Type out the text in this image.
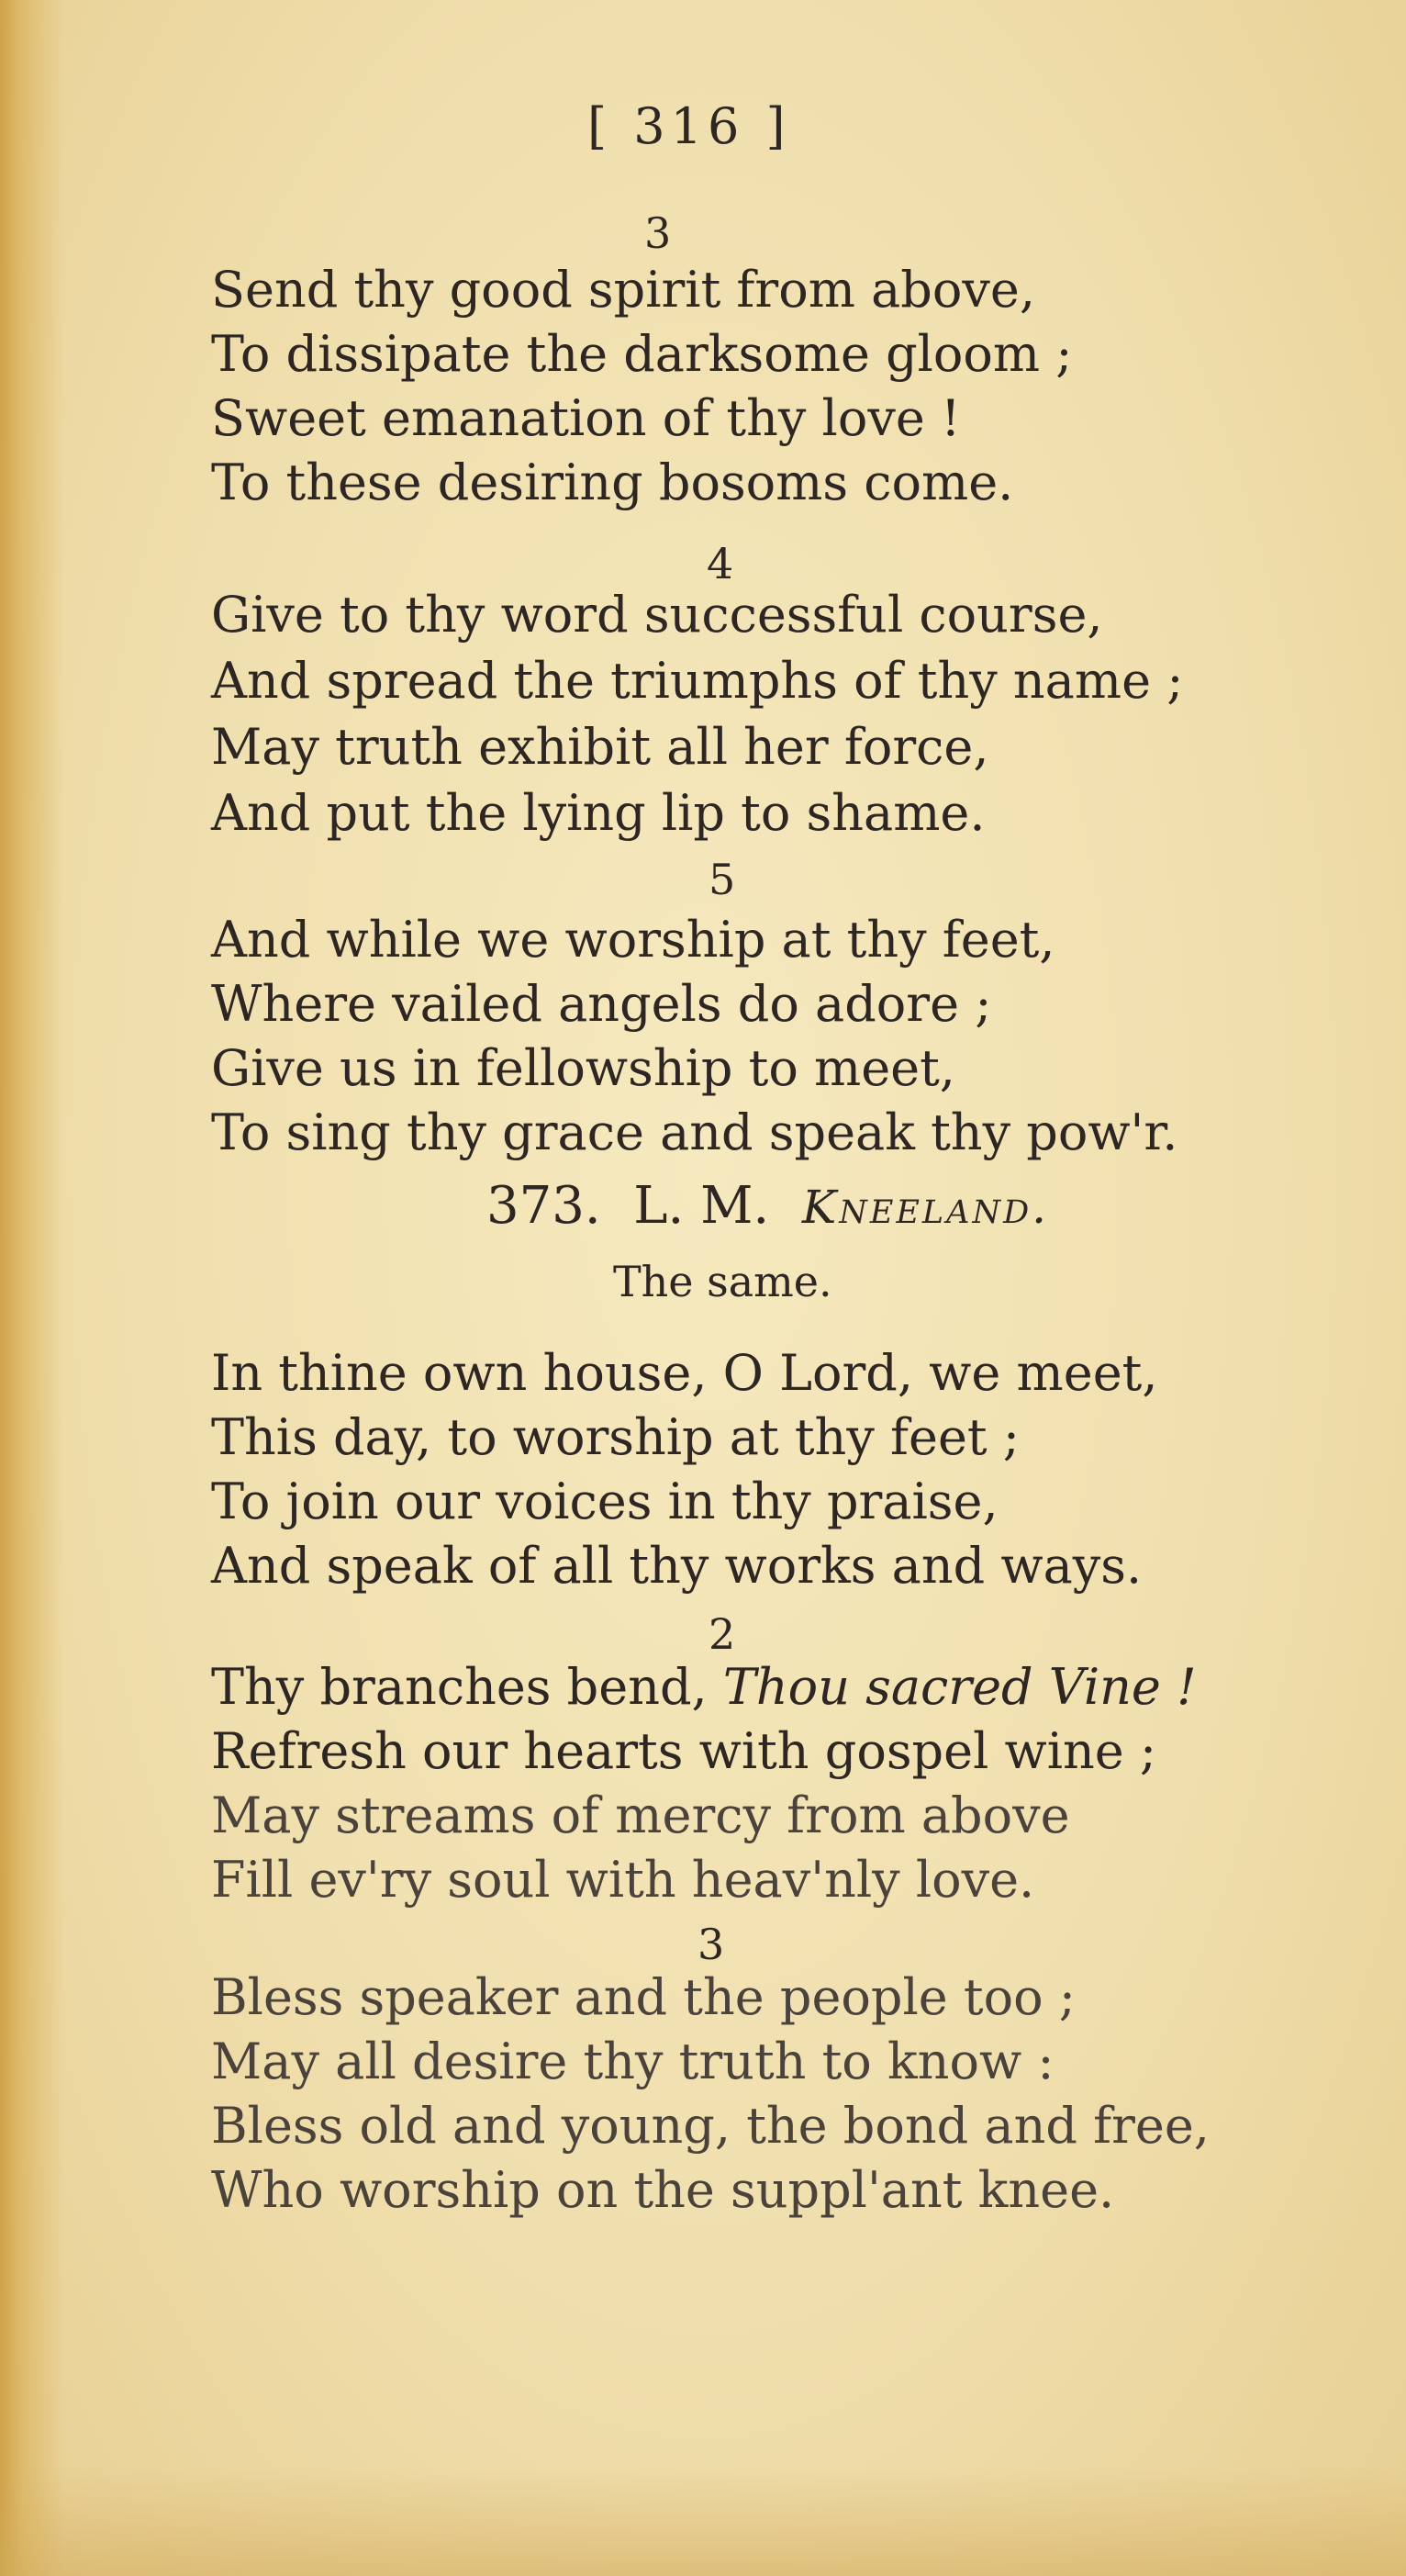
[ 316 ]
3
Send thy good spirit from above,
To dissipate the darksome gloom ;
Sweet emanation of thy love !
To these desiring bosoms come.
4
Give to thy word successful course,
And spread the triumphs of thy name ;
May truth exhibit all her force,
And put the lying lip to shame.
5
And while we worship at thy feet,
Where vailed angels do adore ;
Give us in fellowship to meet,
To sing thy grace and speak thy pow'r.
373. L. M. Kneeland.
The same.
In thine own house, O Lord, we meet,
This day, to worship at thy feet ;
To join our voices in thy praise,
And speak of all thy works and ways.
2
Thy branches bend, Thou sacred Vine !
Refresh our hearts with gospel wine ;
May streams of mercy from above
Fill ev'ry soul with heav'nly love.
3
Bless speaker and the people too ;
May all desire thy truth to know :
Bless old and young, the bond and free,
Who worship on the suppl'ant knee.
